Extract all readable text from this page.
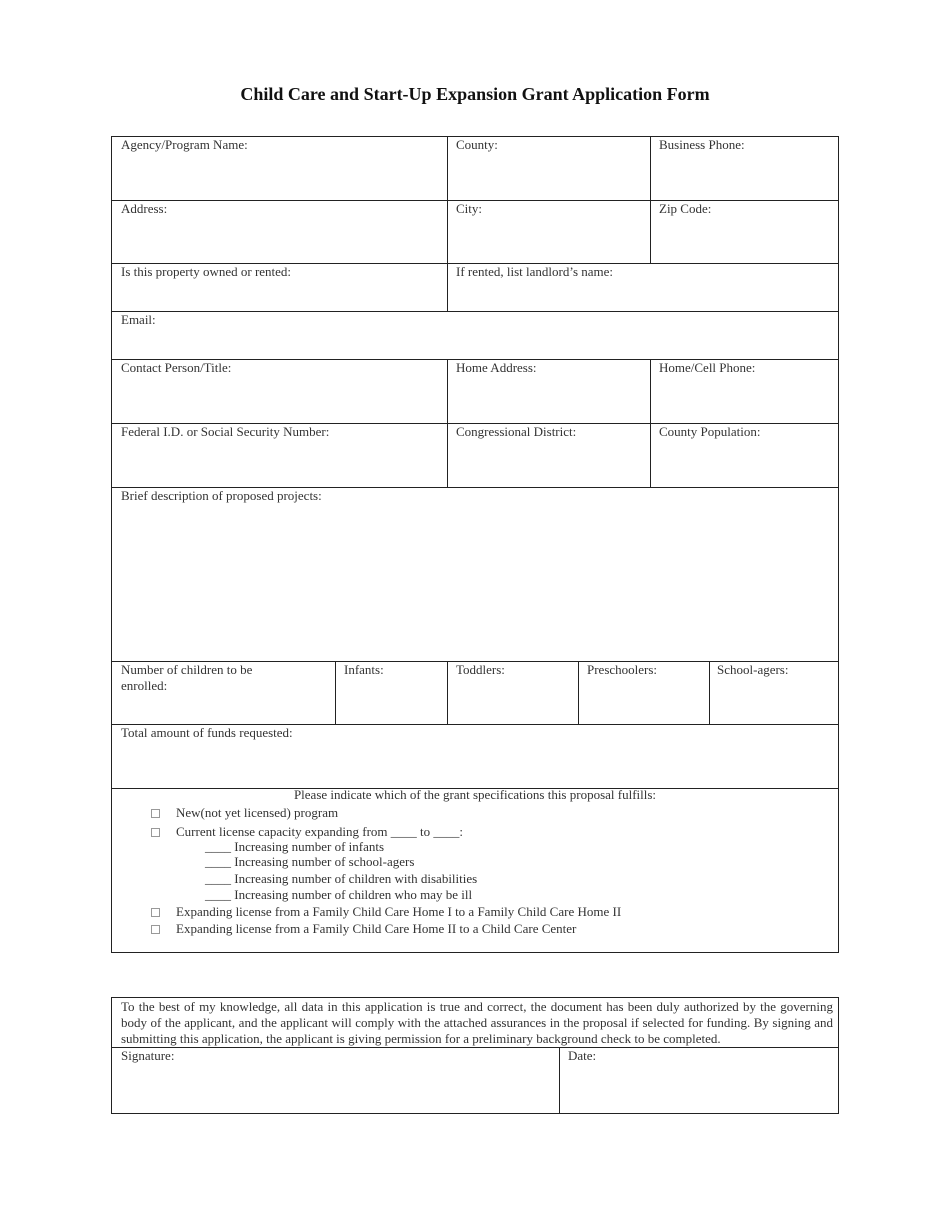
Child Care and Start-Up Expansion Grant Application Form
Agency/Program Name:	County:	Business Phone:
Address:	City:	Zip Code:
Is this property owned or rented:	If rented, list landlord’s name:
Email:
Contact Person/Title:	Home Address:	Home/Cell Phone:
Federal I.D. or Social Security Number:	Congressional District:	County Population:
Brief description of proposed projects:
Number of children to be
enrolled:
Infants:	Toddlers:	Preschoolers:	School-agers:
Total amount of funds requested:
Please indicate which of the grant specifications this proposal fulfills:
New(not yet licensed) program
Current license capacity expanding from ____ to ____:
____ Increasing number of infants
____ Increasing number of school-agers
____ Increasing number of children with disabilities
____ Increasing number of children who may be ill
Expanding license from a Family Child Care Home I to a Family Child Care Home II
Expanding license from a Family Child Care Home II to a Child Care Center
To the best of my knowledge, all data in this application is true and correct, the document has been duly authorized by the governing body of the applicant, and the applicant will comply with the attached assurances in the proposal if selected for funding. By signing and submitting this application, the applicant is giving permission for a preliminary background check to be completed.
Signature:	Date:
